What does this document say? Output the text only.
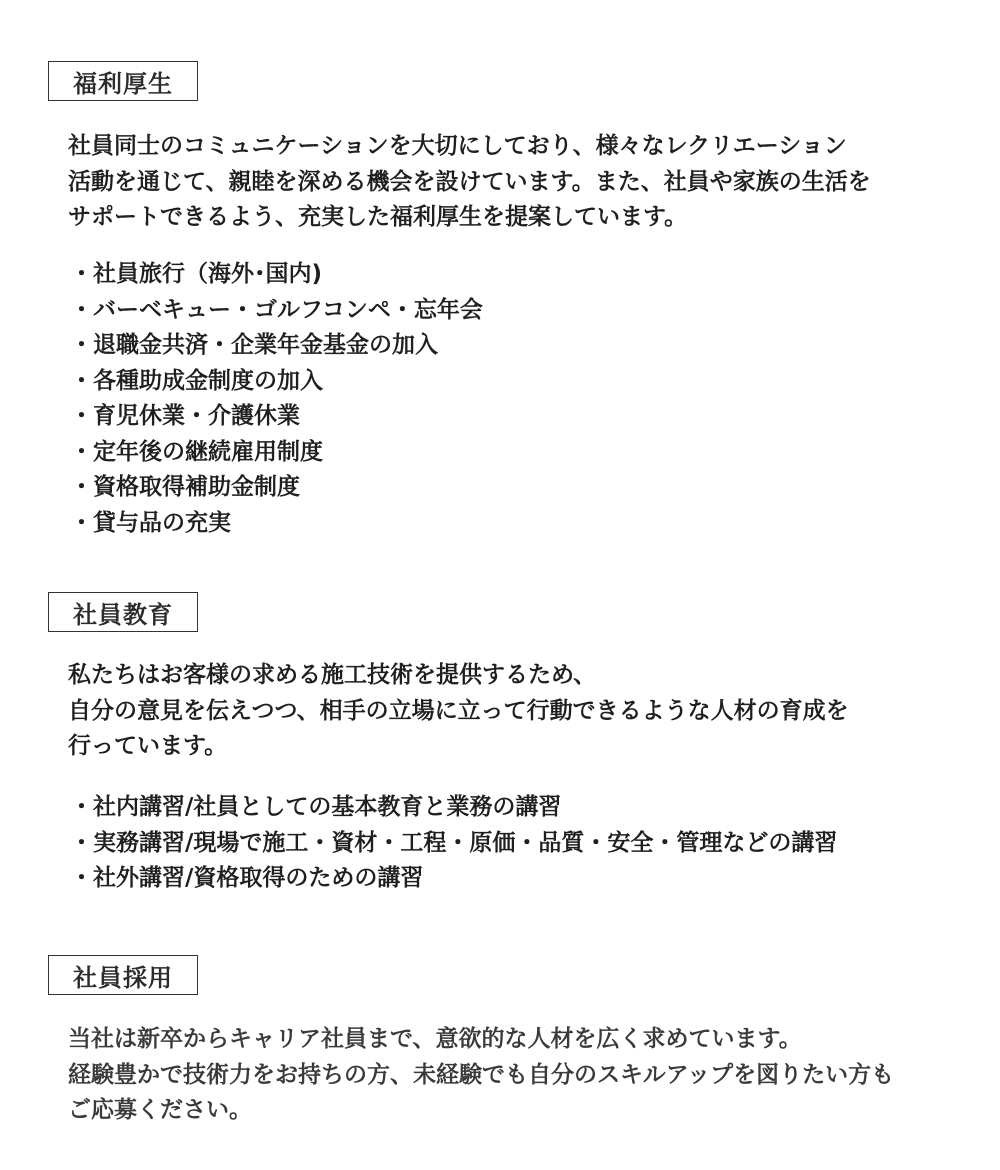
福利厚生

社員同士のコミュニケーションを大切にしており、様々なレクリエーション
活動を通じて、親睦を深める機会を設けています。また、社員や家族の生活を
サポートできるよう、充実した福利厚生を提案しています。

・社員旅行（海外･国内)
・バーベキュー・ゴルフコンペ・忘年会
・退職金共済・企業年金基金の加入
・各種助成金制度の加入
・育児休業・介護休業
・定年後の継続雇用制度
・資格取得補助金制度
・貸与品の充実
社員教育

私たちはお客様の求める施工技術を提供するため、
自分の意見を伝えつつ、相手の立場に立って行動できるような人材の育成を
行っています。

・社内講習/社員としての基本教育と業務の講習
・実務講習/現場で施工・資材・工程・原価・品質・安全・管理などの講習
・社外講習/資格取得のための講習
社員採用

当社は新卒からキャリア社員まで、意欲的な人材を広く求めています。
経験豊かで技術力をお持ちの方、未経験でも自分のスキルアップを図りたい方も
ご応募ください。
